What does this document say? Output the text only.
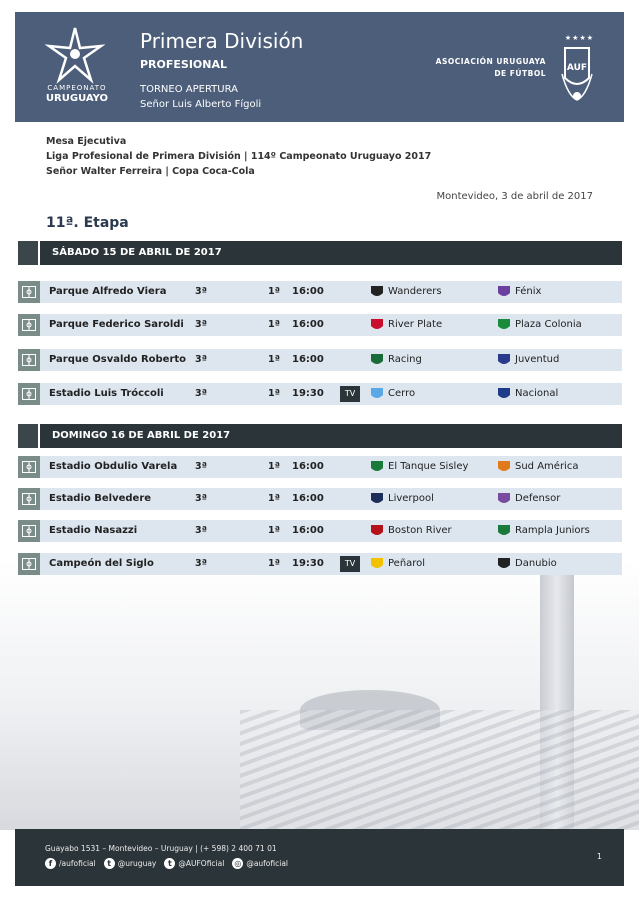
CAMPEONATO
URUGUAYO
Primera División
PROFESIONAL
TORNEO APERTURA
Señor Luis Alberto Fígoli
ASOCIACIÓN URUGUAYA
DE FÚTBOL
★★★★
AUF
Mesa Ejecutiva
Liga Profesional de Primera División | 114º Campeonato Uruguayo 2017
Señor Walter Ferreira | Copa Coca-Cola
Montevideo, 3 de abril de 2017
11ª. Etapa
SÁBADO 15 DE ABRIL DE 2017
Parque Alfredo Viera	3ª	1ª 16:00	Wanderers	Fénix
Parque Federico Saroldi 3ª	1ª 16:00	River Plate	Plaza Colonia
Parque Osvaldo Roberto 3ª	1ª 16:00	Racing	Juventud
Estadio Luis Tróccoli	3ª	1ª 19:30	TV	Cerro	Nacional
DOMINGO 16 DE ABRIL DE 2017
Estadio Obdulio Varela 3ª	1ª 16:00	El Tanque Sisley	Sud América
Estadio Belvedere	3ª	1ª 16:00	Liverpool	Defensor
Estadio Nasazzi	3ª	1ª 16:00	Boston River	Rampla Juniors
Campeón del Siglo	3ª	1ª 19:30	TV	Peñarol	Danubio
Guayabo 1531 – Montevideo – Uruguay | (+ 598) 2 400 71 01
f /aufoficial	t @uruguay	t @AUFOficial ◎ @aufoficial
1
